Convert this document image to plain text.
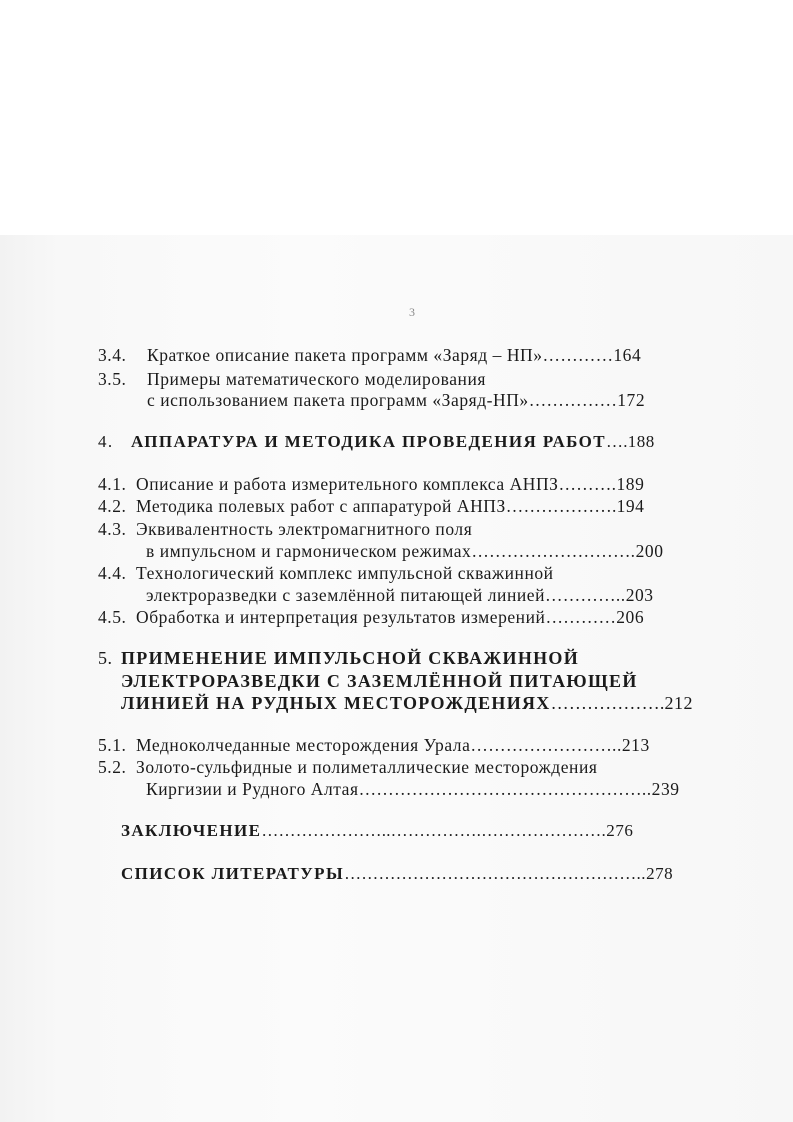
3
3.4. Краткое описание пакета программ «Заряд – НП»…………164
3.5. Примеры математического моделирования
с использованием пакета программ «Заряд-НП»……………172
4. АППАРАТУРА И МЕТОДИКА ПРОВЕДЕНИЯ РАБОТ….188
4.1. Описание и работа измерительного комплекса АНПЗ……….189
4.2. Методика полевых работ с аппаратурой АНПЗ……………….194
4.3. Эквивалентность электромагнитного поля
в импульсном и гармоническом режимах……………………….200
4.4. Технологический комплекс импульсной скважинной
электроразведки с заземлённой питающей линией…………..203
4.5. Обработка и интерпретация результатов измерений…………206
5. ПРИМЕНЕНИЕ ИМПУЛЬСНОЙ СКВАЖИННОЙ
ЭЛЕКТРОРАЗВЕДКИ С ЗАЗЕМЛЁННОЙ ПИТАЮЩЕЙ
ЛИНИЕЙ НА РУДНЫХ МЕСТОРОЖДЕНИЯХ……………….212
5.1. Медноколчеданные месторождения Урала……………………..213
5.2. Золото-сульфидные и полиметаллические месторождения
Киргизии и Рудного Алтая…………………………………………..239
ЗАКЛЮЧЕНИЕ…………………..…………….………………….276
СПИСОК ЛИТЕРАТУРЫ……………………………………………..278
